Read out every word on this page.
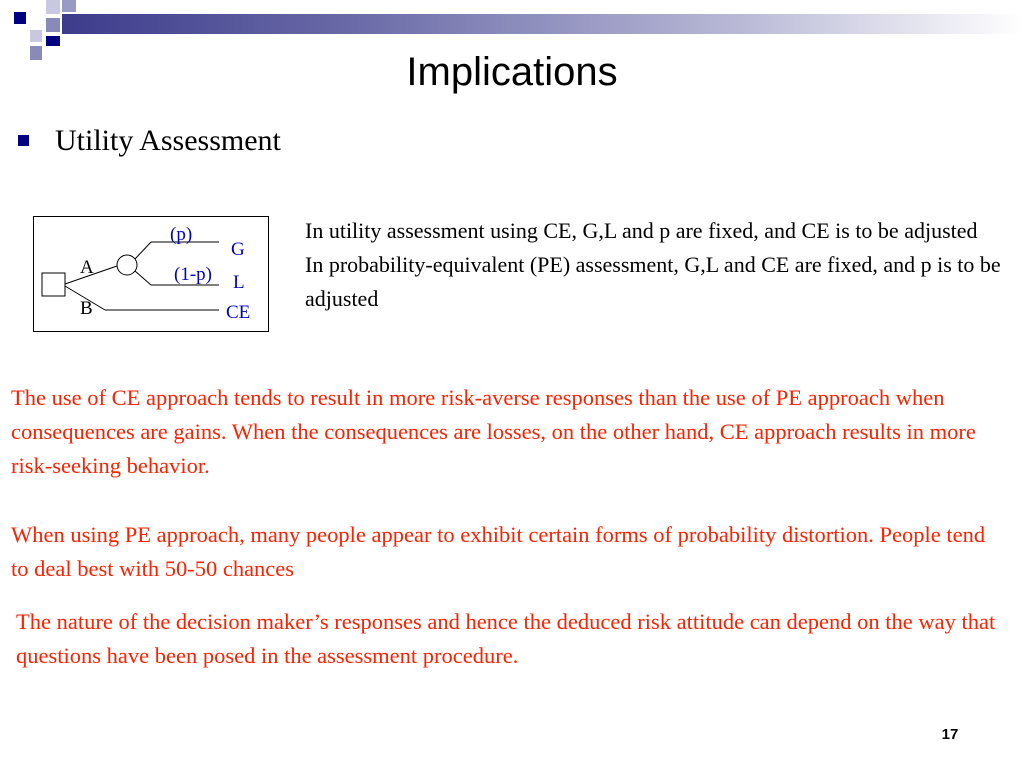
Implications
Utility Assessment
A
B
(p)
(1-p)
G
L
CE

In utility assessment using CE, G,L and p are fixed, and CE is to be adjusted

In probability-equivalent (PE) assessment, G,L and CE are fixed, and p is to be adjusted

The use of CE approach tends to result in more risk-averse responses than the use of PE approach when consequences are gains. When the consequences are losses, on the other hand, CE approach results in more risk-seeking behavior.

When using PE approach, many people appear to exhibit certain forms of probability distortion. People tend to deal best with 50-50 chances

The nature of the decision maker’s responses and hence the deduced risk attitude can depend on the way that questions have been posed in the assessment procedure.

17
